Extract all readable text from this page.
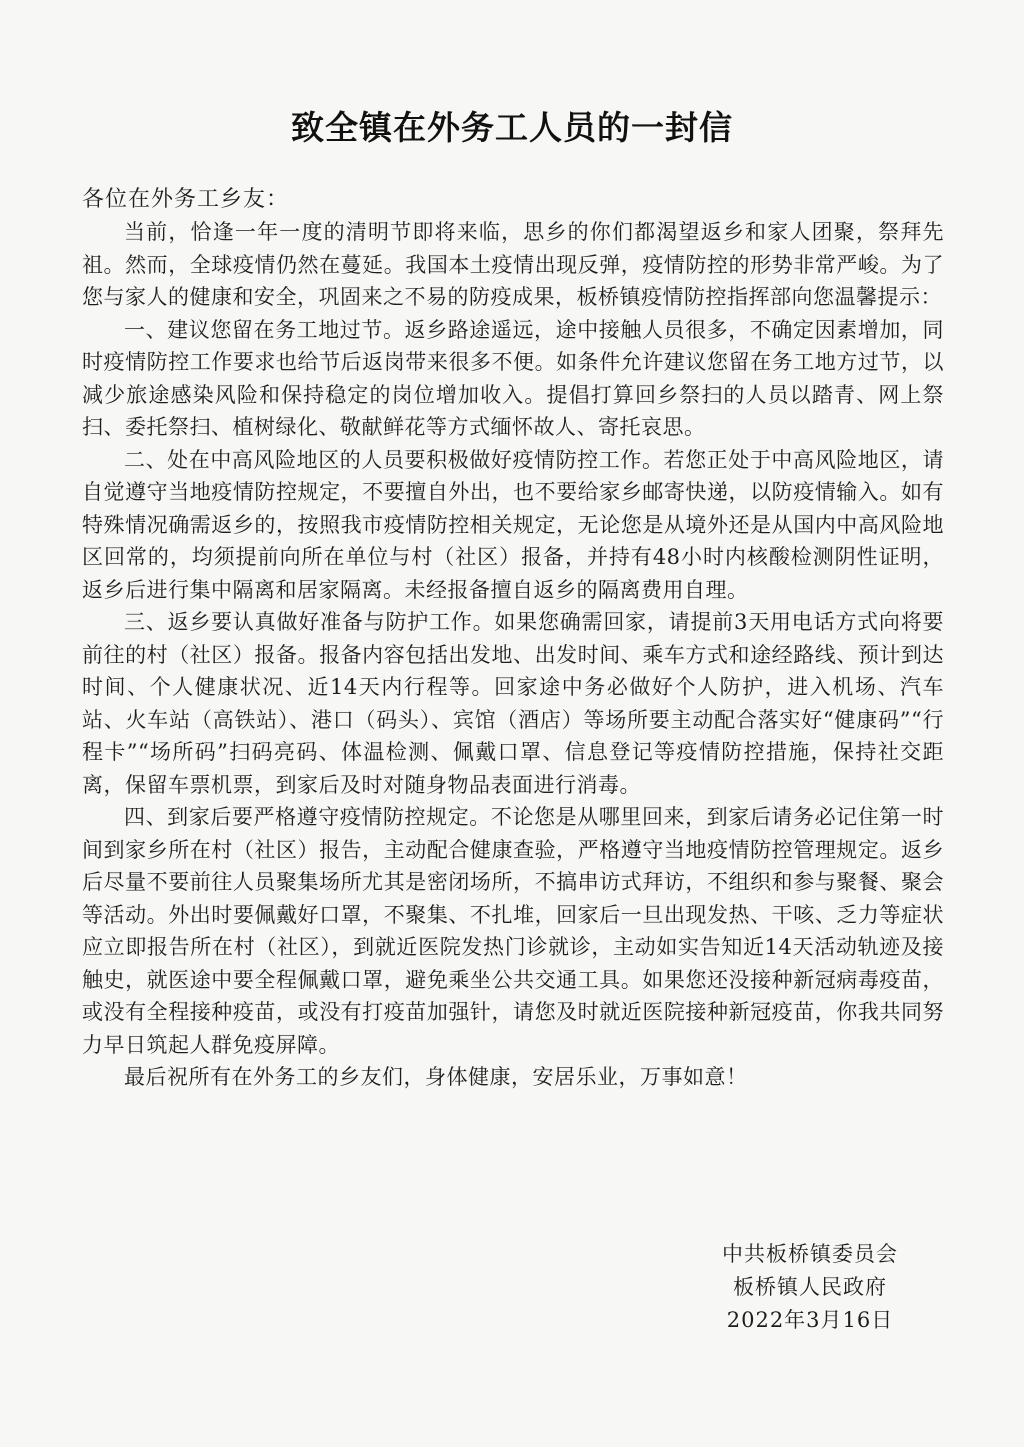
致全镇在外务工人员的一封信
各位在外务工乡友：

当前，恰逢一年一度的清明节即将来临，思乡的你们都渴望返乡和家人团聚，祭拜先祖。然而，全球疫情仍然在蔓延。我国本土疫情出现反弹，疫情防控的形势非常严峻。为了您与家人的健康和安全，巩固来之不易的防疫成果，板桥镇疫情防控指挥部向您温馨提示：

一、建议您留在务工地过节。返乡路途遥远，途中接触人员很多，不确定因素增加，同时疫情防控工作要求也给节后返岗带来很多不便。如条件允许建议您留在务工地方过节，以减少旅途感染风险和保持稳定的岗位增加收入。提倡打算回乡祭扫的人员以踏青、网上祭扫、委托祭扫、植树绿化、敬献鲜花等方式缅怀故人、寄托哀思。

二、处在中高风险地区的人员要积极做好疫情防控工作。若您正处于中高风险地区，请自觉遵守当地疫情防控规定，不要擅自外出，也不要给家乡邮寄快递，以防疫情输入。如有特殊情况确需返乡的，按照我市疫情防控相关规定，无论您是从境外还是从国内中高风险地区回常的，均须提前向所在单位与村（社区）报备，并持有48小时内核酸检测阴性证明，返乡后进行集中隔离和居家隔离。未经报备擅自返乡的隔离费用自理。

三、返乡要认真做好准备与防护工作。如果您确需回家，请提前3天用电话方式向将要前往的村（社区）报备。报备内容包括出发地、出发时间、乘车方式和途经路线、预计到达时间、个人健康状况、近14天内行程等。回家途中务必做好个人防护，进入机场、汽车站、火车站（高铁站）、港口（码头）、宾馆（酒店）等场所要主动配合落实好“健康码”“行程卡”“场所码”扫码亮码、体温检测、佩戴口罩、信息登记等疫情防控措施，保持社交距离，保留车票机票，到家后及时对随身物品表面进行消毒。

四、到家后要严格遵守疫情防控规定。不论您是从哪里回来，到家后请务必记住第一时间到家乡所在村（社区）报告，主动配合健康查验，严格遵守当地疫情防控管理规定。返乡后尽量不要前往人员聚集场所尤其是密闭场所，不搞串访式拜访，不组织和参与聚餐、聚会等活动。外出时要佩戴好口罩，不聚集、不扎堆，回家后一旦出现发热、干咳、乏力等症状应立即报告所在村（社区），到就近医院发热门诊就诊，主动如实告知近14天活动轨迹及接触史，就医途中要全程佩戴口罩，避免乘坐公共交通工具。如果您还没接种新冠病毒疫苗，或没有全程接种疫苗，或没有打疫苗加强针，请您及时就近医院接种新冠疫苗，你我共同努力早日筑起人群免疫屏障。

最后祝所有在外务工的乡友们，身体健康，安居乐业，万事如意！

中共板桥镇委员会
板桥镇人民政府
2022年3月16日
